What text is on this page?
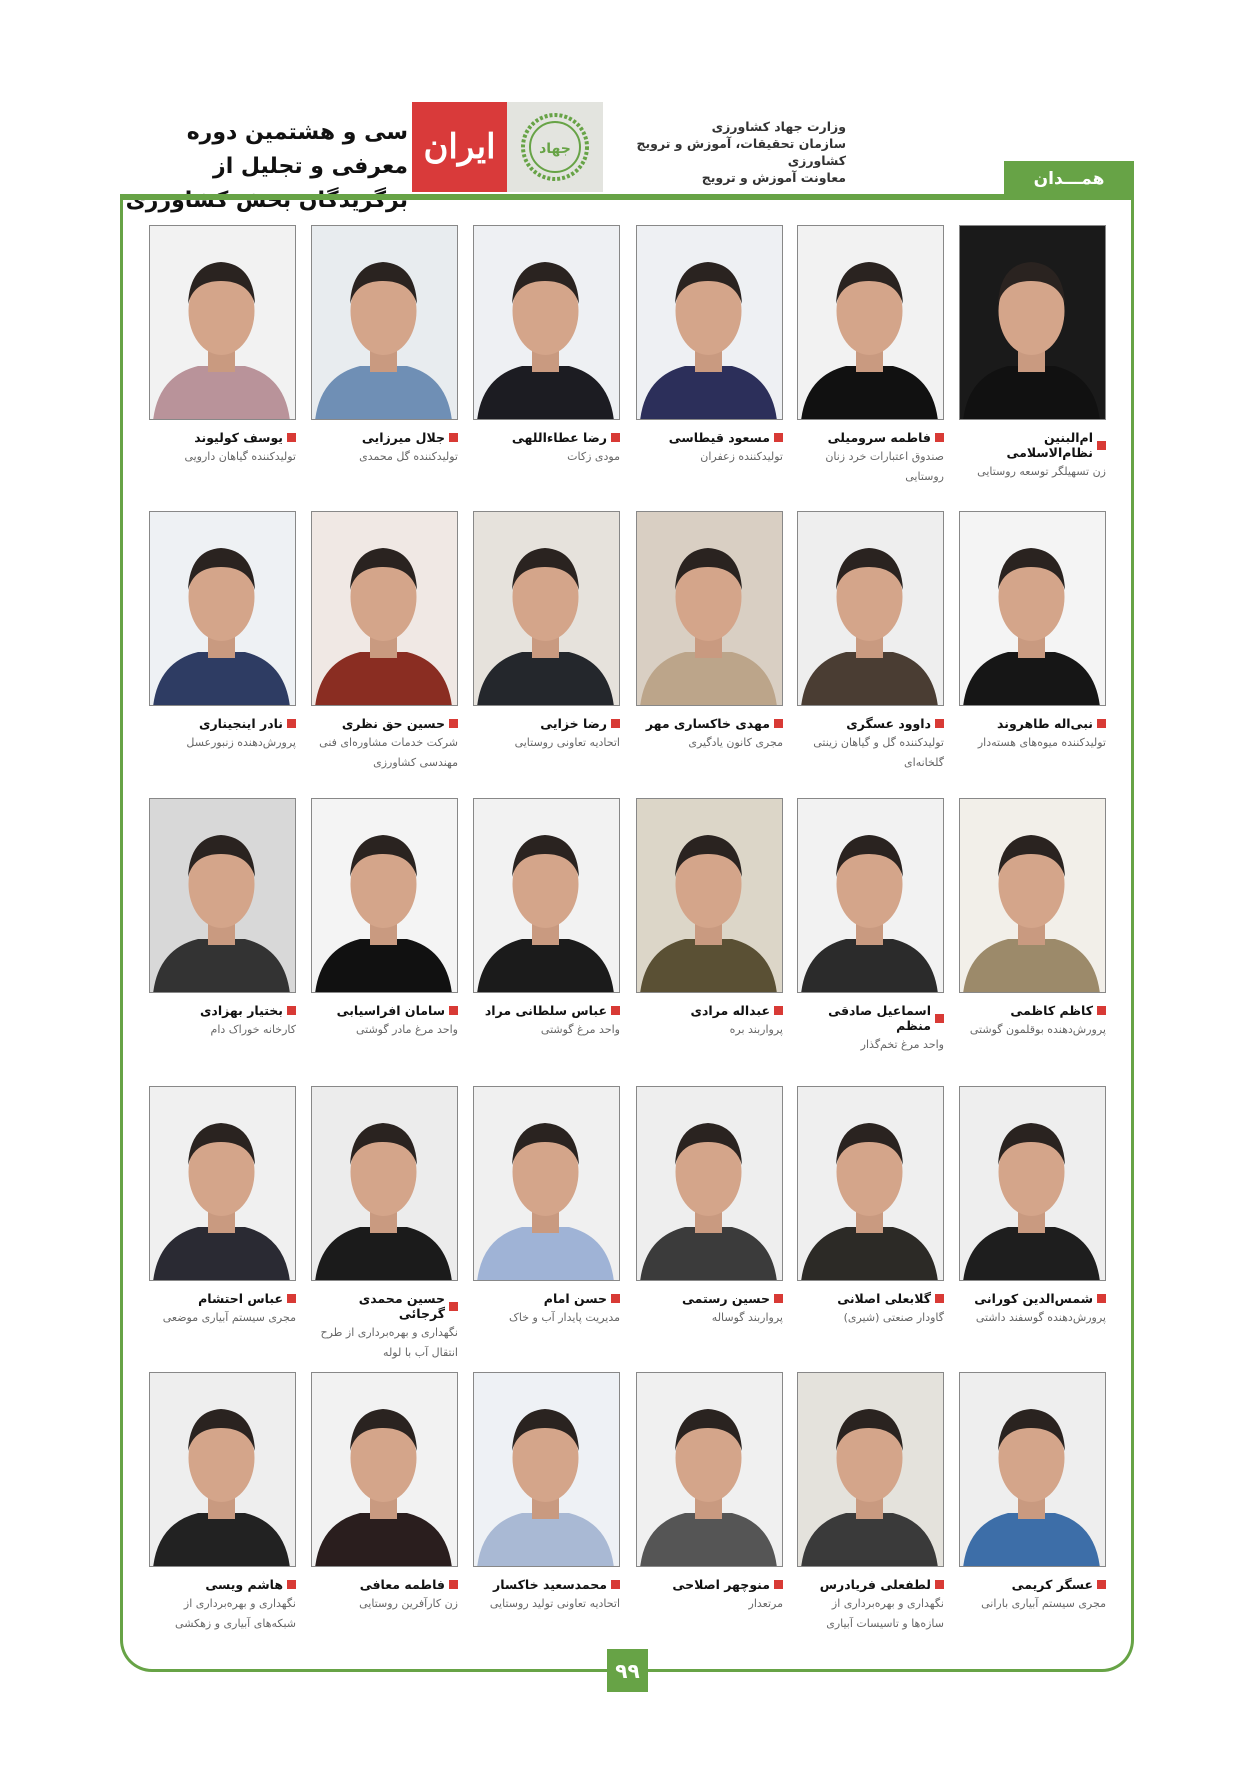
سی و هشتمین دوره معرفی و تجلیل از
برگزیدگان بخش کشاورزی
ایران	جهاد
وزارت جهاد کشاورزی
سازمان تحقیقات، آموزش و ترویج کشاورزی
معاونت آموزش و ترویج	همـــدان
ام‌البنین نظام‌الاسلامی
زن تسهیلگر توسعه روستایی
فاطمه سرومیلی
صندوق اعتبارات خرد زنان روستایی
مسعود قیطاسی
تولیدکننده زعفران
رضا عطاءاللهی
مودی زکات
جلال میرزایی
تولیدکننده گل محمدی
یوسف کولیوند
تولیدکننده گیاهان دارویی
نبی‌اله طاهروند
تولیدکننده میوه‌های هسته‌دار
داوود عسگری
تولیدکننده گل و گیاهان زینتی گلخانه‌ای
مهدی خاکساری مهر
مجری کانون یادگیری
رضا خزایی
اتحادیه تعاونی روستایی
حسین حق نظری
شرکت خدمات مشاوره‌ای فنی مهندسی کشاورزی
نادر اینجیناری
پرورش‌دهنده زنبورعسل
کاظم کاظمی
پرورش‌دهنده بوقلمون گوشتی
اسماعیل صادقی منظم
واحد مرغ تخم‌گذار
عبداله مرادی
پرواربند بره
عباس سلطانی مراد
واحد مرغ گوشتی
سامان افراسیابی
واحد مرغ مادر گوشتی
بختیار بهزادی
کارخانه خوراک دام
شمس‌الدین کورانی
پرورش‌دهنده گوسفند داشتی
گلابعلی اصلانی
گاودار صنعتی (شیری)
حسین رستمی
پرواربند گوساله
حسن امام
مدیریت پایدار آب و خاک
حسین محمدی گرجائی
نگهداری و بهره‌برداری از طرح انتقال آب با لوله
عباس احتشام
مجری سیستم آبیاری موضعی
عسگر کریمی
مجری سیستم آبیاری بارانی
لطفعلی فریادرس
نگهداری و بهره‌برداری از سازه‌ها و تاسیسات آبیاری
منوچهر اصلاحی
مرتعدار
محمدسعید خاکسار
اتحادیه تعاونی تولید روستایی
فاطمه معافی
زن کارآفرین روستایی
هاشم ویسی
نگهداری و بهره‌برداری از شبکه‌های آبیاری و زهکشی
۹۹
